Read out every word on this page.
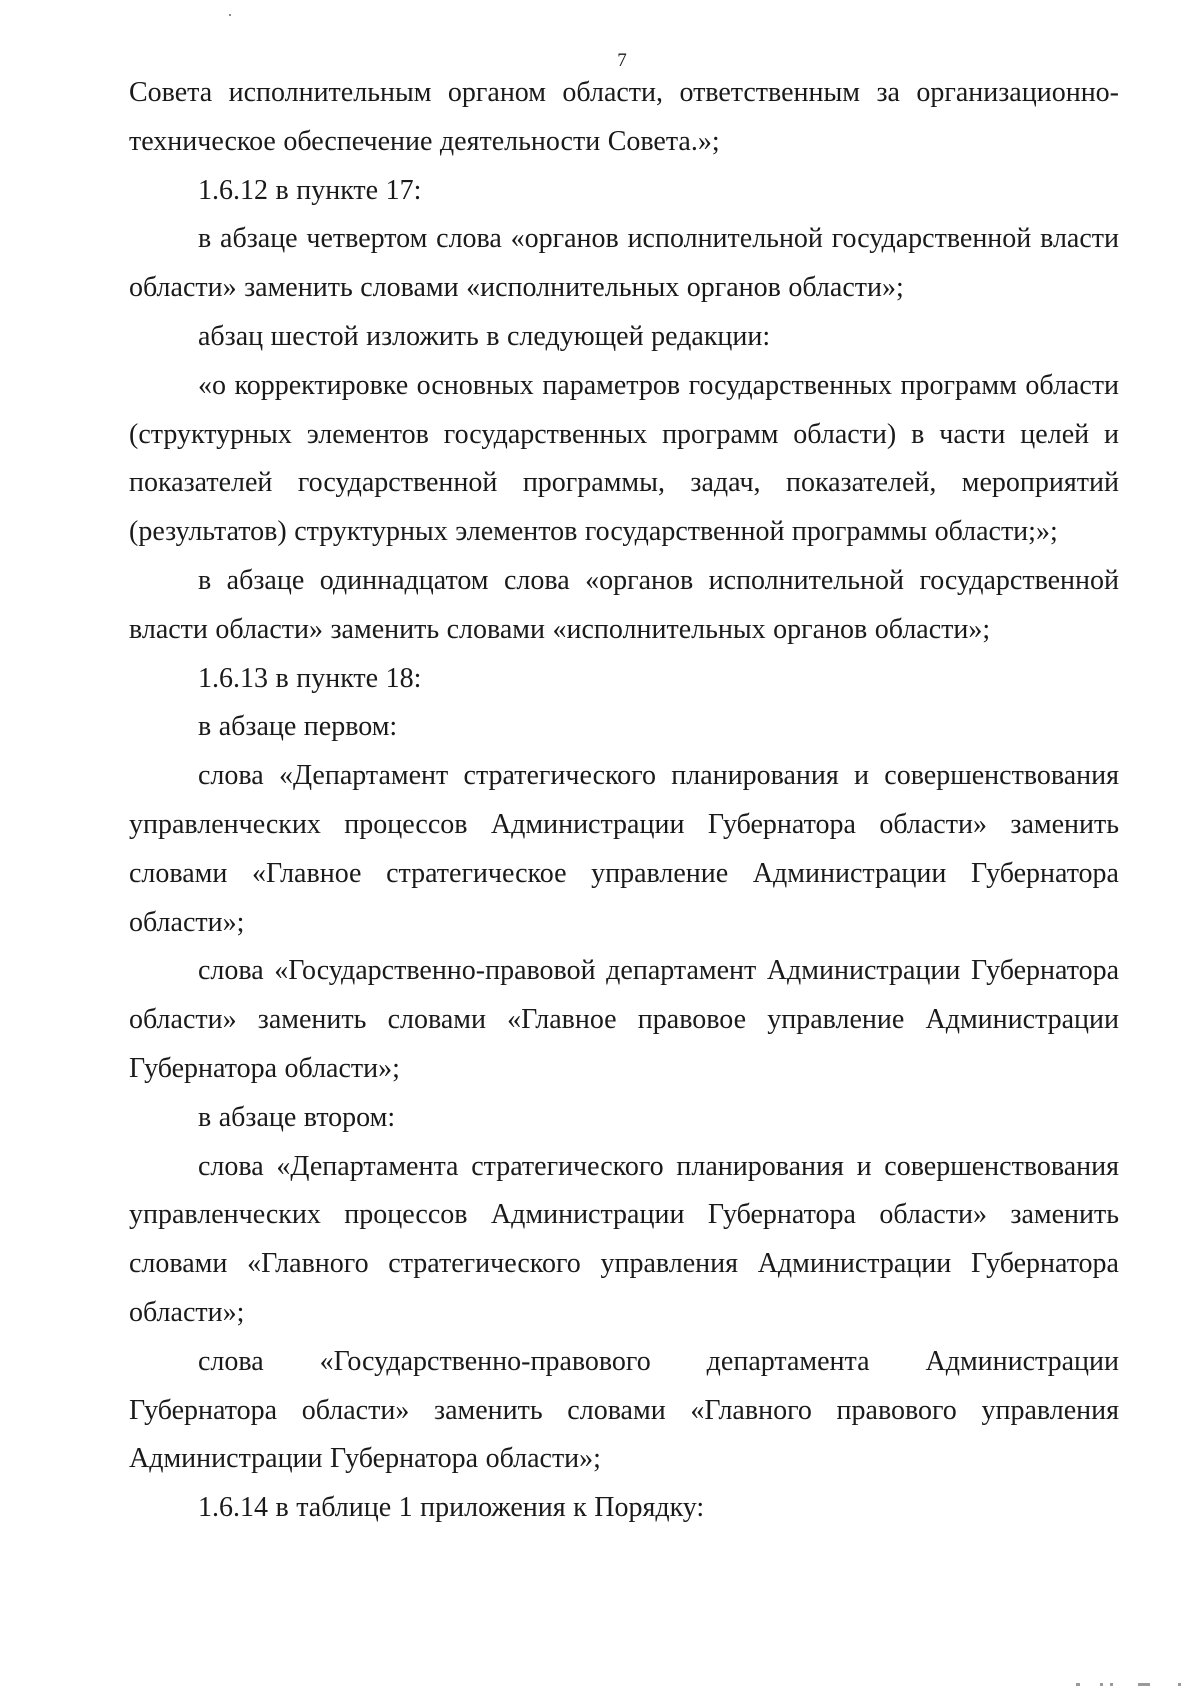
7

Совета исполнительным органом области, ответственным за организационно-техническое обеспечение деятельности Совета.»;

1.6.12 в пункте 17:

в абзаце четвертом слова «органов исполнительной государственной власти области» заменить словами «исполнительных органов области»;

абзац шестой изложить в следующей редакции:

«о корректировке основных параметров государственных программ области (структурных элементов государственных программ области) в части целей и показателей государственной программы, задач, показателей, мероприятий (результатов) структурных элементов государственной программы области;»;

в абзаце одиннадцатом слова «органов исполнительной государственной власти области» заменить словами «исполнительных органов области»;

1.6.13 в пункте 18:

в абзаце первом:

слова «Департамент стратегического планирования и совершенствования управленческих процессов Администрации Губернатора области» заменить словами «Главное стратегическое управление Администрации Губернатора области»;

слова «Государственно-правовой департамент Администрации Губернатора области» заменить словами «Главное правовое управление Администрации Губернатора области»;

в абзаце втором:

слова «Департамента стратегического планирования и совершенствования управленческих процессов Администрации Губернатора области» заменить словами «Главного стратегического управления Администрации Губернатора области»;

слова «Государственно-правового департамента Администрации Губернатора области» заменить словами «Главного правового управления Администрации Губернатора области»;

1.6.14 в таблице 1 приложения к Порядку:
